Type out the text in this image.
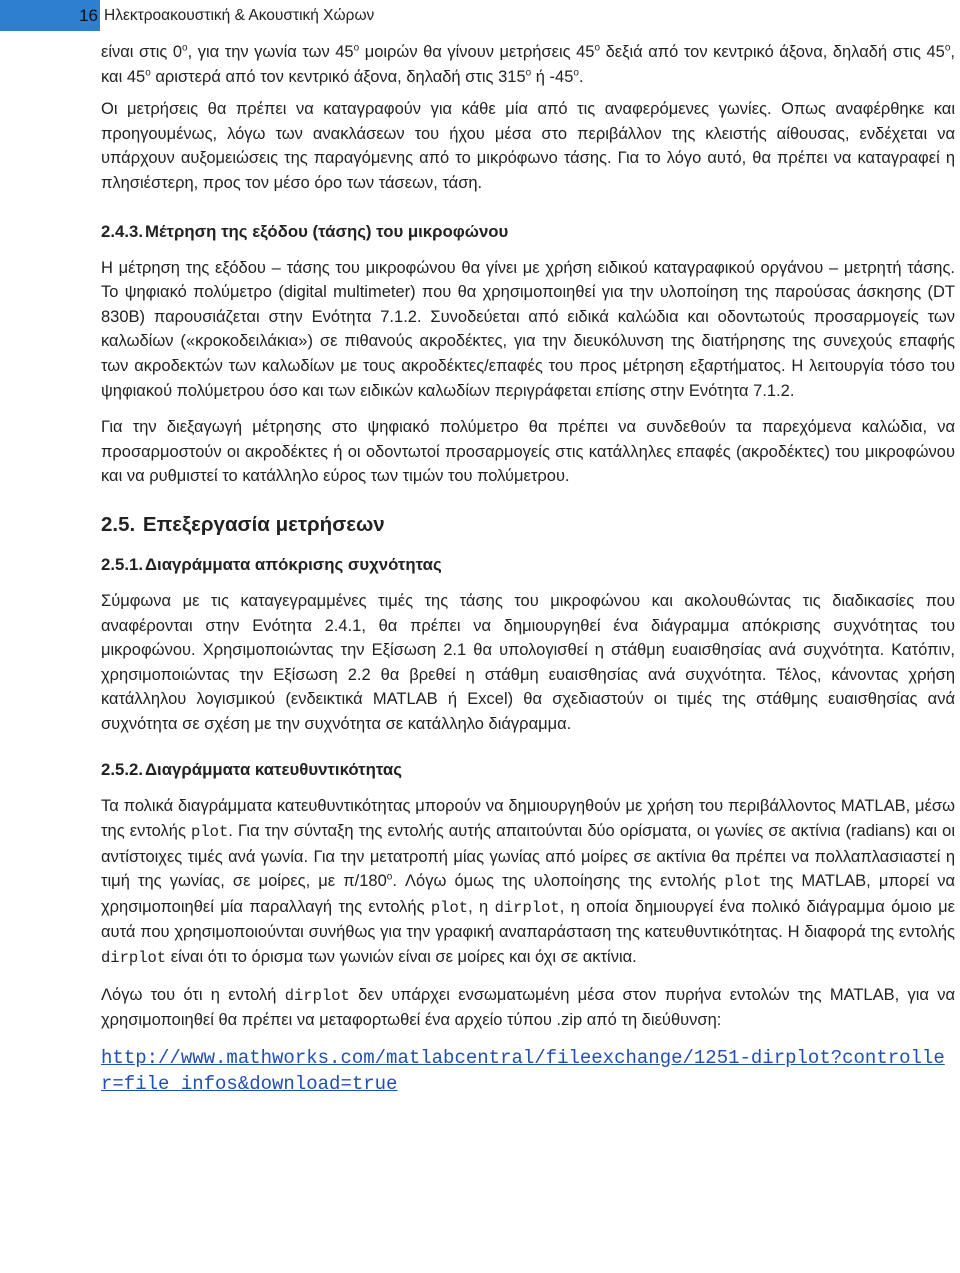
16 Ηλεκτροακουστική & Ακουστική Χώρων

είναι στις 0$^o$, για την γωνία των 45$^o$ μοιρών θα γίνουν μετρήσεις 45$^o$ δεξιά από τον κεντρικό άξονα, δηλαδή στις 45$^o$, και 45$^o$ αριστερά από τον κεντρικό άξονα, δηλαδή στις 315$^o$ ή -45$^o$.

Οι μετρήσεις θα πρέπει να καταγραφούν για κάθε μία από τις αναφερόμενες γωνίες. Οπως αναφέρθηκε και προηγουμένως, λόγω των ανακλάσεων του ήχου μέσα στο περιβάλλον της κλειστής αίθουσας, ενδέχεται να υπάρχουν αυξομειώσεις της παραγόμενης από το μικρόφωνο τάσης. Για το λόγο αυτό, θα πρέπει να καταγραφεί η πλησιέστερη, προς τον μέσο όρο των τάσεων, τάση.

2.4.3. Μέτρηση της εξόδου (τάσης) του μικροφώνου

Η μέτρηση της εξόδου – τάσης του μικροφώνου θα γίνει με χρήση ειδικού καταγραφικού οργάνου – μετρητή τάσης. Το ψηφιακό πολύμετρο (digital multimeter) που θα χρησιμοποιηθεί για την υλοποίηση της παρούσας άσκησης (DT 830B) παρουσιάζεται στην Ενότητα 7.1.2. Συνοδεύεται από ειδικά καλώδια και οδοντωτούς προσαρμογείς των καλωδίων («κροκοδειλάκια») σε πιθανούς ακροδέκτες, για την διευκόλυνση της διατήρησης της συνεχούς επαφής των ακροδεκτών των καλωδίων με τους ακροδέκτες/επαφές του προς μέτρηση εξαρτήματος. Η λειτουργία τόσο του ψηφιακού πολύμετρου όσο και των ειδικών καλωδίων περιγράφεται επίσης στην Ενότητα 7.1.2.

Για την διεξαγωγή μέτρησης στο ψηφιακό πολύμετρο θα πρέπει να συνδεθούν τα παρεχόμενα καλώδια, να προσαρμοστούν οι ακροδέκτες ή οι οδοντωτοί προσαρμογείς στις κατάλληλες επαφές (ακροδέκτες) του μικροφώνου και να ρυθμιστεί το κατάλληλο εύρος των τιμών του πολύμετρου.

2.5. Επεξεργασία μετρήσεων
2.5.1. Διαγράμματα απόκρισης συχνότητας

Σύμφωνα με τις καταγεγραμμένες τιμές της τάσης του μικροφώνου και ακολουθώντας τις διαδικασίες που αναφέρονται στην Ενότητα 2.4.1, θα πρέπει να δημιουργηθεί ένα διάγραμμα απόκρισης συχνότητας του μικροφώνου. Χρησιμοποιώντας την Εξίσωση 2.1 θα υπολογισθεί η στάθμη ευαισθησίας ανά συχνότητα. Κατόπιν, χρησιμοποιώντας την Εξίσωση 2.2 θα βρεθεί η στάθμη ευαισθησίας ανά συχνότητα. Τέλος, κάνοντας χρήση κατάλληλου λογισμικού (ενδεικτικά MATLAB ή Excel) θα σχεδιαστούν οι τιμές της στάθμης ευαισθησίας ανά συχνότητα σε σχέση με την συχνότητα σε κατάλληλο διάγραμμα.

2.5.2. Διαγράμματα κατευθυντικότητας

Τα πολικά διαγράμματα κατευθυντικότητας μπορούν να δημιουργηθούν με χρήση του περιβάλλοντος MATLAB, μέσω της εντολής plot. Για την σύνταξη της εντολής αυτής απαιτούνται δύο ορίσματα, οι γωνίες σε ακτίνια (radians) και οι αντίστοιχες τιμές ανά γωνία. Για την μετατροπή μίας γωνίας από μοίρες σε ακτίνια θα πρέπει να πολλαπλασιαστεί η τιμή της γωνίας, σε μοίρες, με π/180$^o$. Λόγω όμως της υλοποίησης της εντολής plot της MATLAB, μπορεί να χρησιμοποιηθεί μία παραλλαγή της εντολής plot, η dirplot, η οποία δημιουργεί ένα πολικό διάγραμμα όμοιο με αυτά που χρησιμοποιούνται συνήθως για την γραφική αναπαράσταση της κατευθυντικότητας. Η διαφορά της εντολής dirplot είναι ότι το όρισμα των γωνιών είναι σε μοίρες και όχι σε ακτίνια.

Λόγω του ότι η εντολή dirplot δεν υπάρχει ενσωματωμένη μέσα στον πυρήνα εντολών της MATLAB, για να χρησιμοποιηθεί θα πρέπει να μεταφορτωθεί ένα αρχείο τύπου .zip από τη διεύθυνση:

http://www.mathworks.com/matlabcentral/fileexchange/1251-dirplot?controller=file_infos&download=true
